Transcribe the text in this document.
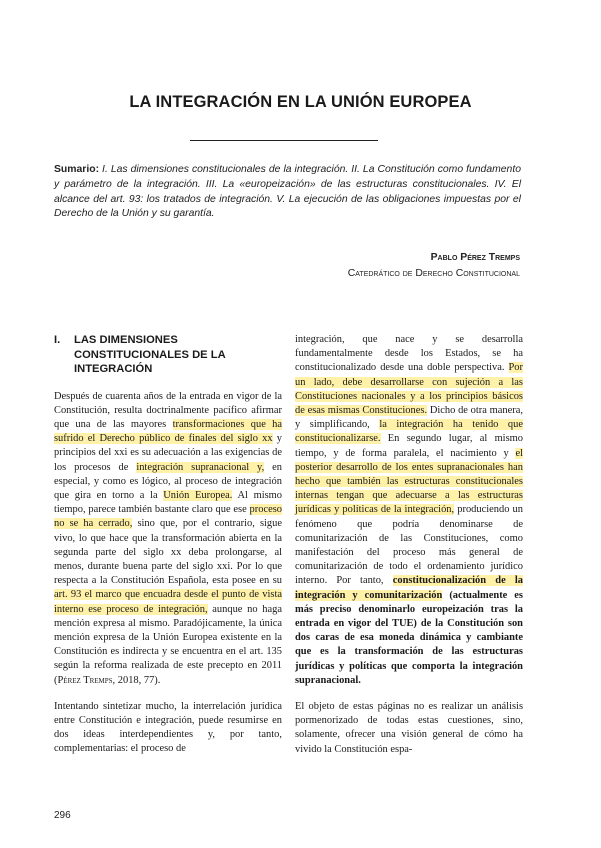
LA INTEGRACIÓN EN LA UNIÓN EUROPEA
Sumario: I. Las dimensiones constitucionales de la integración. II. La Constitución como fundamento y parámetro de la integración. III. La «europeización» de las estructuras constitucionales. IV. El alcance del art. 93: los tratados de integración. V. La ejecución de las obligaciones impuestas por el Derecho de la Unión y su garantía.
Pablo Pérez Tremps
Catedrático de Derecho Constitucional
I.	LAS DIMENSIONES CONSTITUCIONALES DE LA INTEGRACIÓN

Después de cuarenta años de la entrada en vigor de la Constitución, resulta doctrinalmente pacífico afirmar que una de las mayores transformaciones que ha sufrido el Derecho público de finales del siglo xx y principios del xxi es su adecuación a las exigencias de los procesos de integración supranacional y, en especial, y como es lógico, al proceso de integración que gira en torno a la Unión Europea. Al mismo tiempo, parece también bastante claro que ese proceso no se ha cerrado, sino que, por el contrario, sigue vivo, lo que hace que la transformación abierta en la segunda parte del siglo xx deba prolongarse, al menos, durante buena parte del siglo xxi. Por lo que respecta a la Constitución Española, esta posee en su art. 93 el marco que encuadra desde el punto de vista interno ese proceso de integración, aunque no haga mención expresa al mismo. Paradójicamente, la única mención expresa de la Unión Europea existente en la Constitución es indirecta y se encuentra en el art. 135 según la reforma realizada de este precepto en 2011 (Pérez Tremps, 2018, 77).

Intentando sintetizar mucho, la interrelación jurídica entre Constitución e integración, puede resumirse en dos ideas interdependientes y, por tanto, complementarias: el proceso de

integración, que nace y se desarrolla fundamentalmente desde los Estados, se ha constitucionalizado desde una doble perspectiva. Por un lado, debe desarrollarse con sujeción a las Constituciones nacionales y a los principios básicos de esas mismas Constituciones. Dicho de otra manera, y simplificando, la integración ha tenido que constitucionalizarse. En segundo lugar, al mismo tiempo, y de forma paralela, el nacimiento y el posterior desarrollo de los entes supranacionales han hecho que también las estructuras constitucionales internas tengan que adecuarse a las estructuras jurídicas y políticas de la integración, produciendo un fenómeno que podría denominarse de comunitarización de las Constituciones, como manifestación del proceso más general de comunitarización de todo el ordenamiento jurídico interno. Por tanto, constitucionalización de la integración y comunitarización (actualmente es más preciso denominarlo europeización tras la entrada en vigor del TUE) de la Constitución son dos caras de esa moneda dinámica y cambiante que es la transformación de las estructuras jurídicas y políticas que comporta la integración supranacional.

El objeto de estas páginas no es realizar un análisis pormenorizado de todas estas cuestiones, sino, solamente, ofrecer una visión general de cómo ha vivido la Constitución espa-

296
